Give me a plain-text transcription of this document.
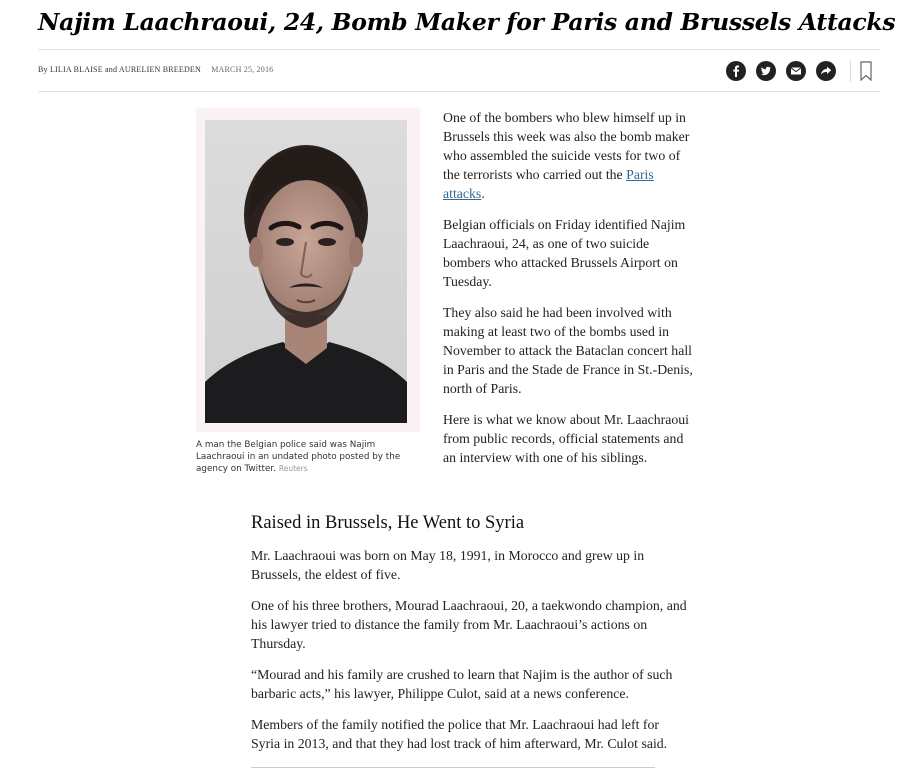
Najim Laachraoui, 24, Bomb Maker for Paris and Brussels Attacks
By LILIA BLAISE and AURELIEN BREEDEN MARCH 25, 2016
A man the Belgian police said was Najim Laachraoui in an undated photo posted by the agency on Twitter. Reuters

One of the bombers who blew himself up in Brussels this week was also the bomb maker who assembled the suicide vests for two of the terrorists who carried out the Paris attacks.

Belgian officials on Friday identified Najim Laachraoui, 24, as one of two suicide bombers who attacked Brussels Airport on Tuesday.

They also said he had been involved with making at least two of the bombs used in November to attack the Bataclan concert hall in Paris and the Stade de France in St.-Denis, north of Paris.

Here is what we know about Mr. Laachraoui from public records, official statements and an interview with one of his siblings.

Raised in Brussels, He Went to Syria

Mr. Laachraoui was born on May 18, 1991, in Morocco and grew up in Brussels, the eldest of five.

One of his three brothers, Mourad Laachraoui, 20, a taekwondo champion, and his lawyer tried to distance the family from Mr. Laachraoui’s actions on Thursday.

“Mourad and his family are crushed to learn that Najim is the author of such barbaric acts,” his lawyer, Philippe Culot, said at a news conference.

Members of the family notified the police that Mr. Laachraoui had left for Syria in 2013, and that they had lost track of him afterward, Mr. Culot said.
